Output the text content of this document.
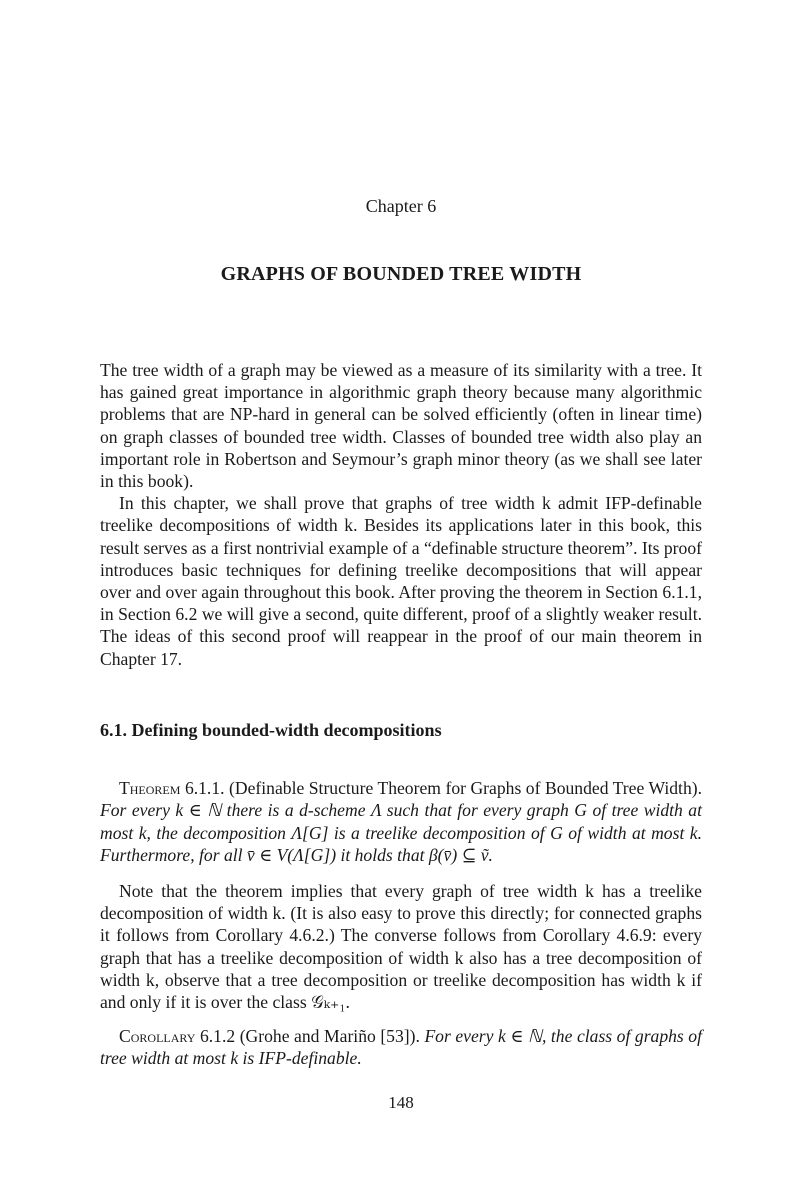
Chapter 6
GRAPHS OF BOUNDED TREE WIDTH

The tree width of a graph may be viewed as a measure of its similarity with a tree. It has gained great importance in algorithmic graph theory because many algorithmic problems that are NP-hard in general can be solved efficiently (often in linear time) on graph classes of bounded tree width. Classes of bounded tree width also play an important role in Robertson and Seymour’s graph minor theory (as we shall see later in this book).

In this chapter, we shall prove that graphs of tree width k admit IFP-definable treelike decompositions of width k. Besides its applications later in this book, this result serves as a first nontrivial example of a “definable structure theorem”. Its proof introduces basic techniques for defining treelike decompositions that will appear over and over again throughout this book. After proving the theorem in Section 6.1.1, in Section 6.2 we will give a second, quite different, proof of a slightly weaker result. The ideas of this second proof will reappear in the proof of our main theorem in Chapter 17.

6.1. Defining bounded-width decompositions
Theorem 6.1.1. (Definable Structure Theorem for Graphs of Bounded Tree Width). For every k ∈ ℕ there is a d-scheme Λ such that for every graph G of tree width at most k, the decomposition Λ[G] is a treelike decomposition of G of width at most k. Furthermore, for all v̄ ∈ V(Λ[G]) it holds that β(v̄) ⊆ ṽ.
Note that the theorem implies that every graph of tree width k has a treelike decomposition of width k. (It is also easy to prove this directly; for connected graphs it follows from Corollary 4.6.2.) The converse follows from Corollary 4.6.9: every graph that has a treelike decomposition of width k also has a tree decomposition of width k, observe that a tree decomposition or treelike decomposition has width k if and only if it is over the class 𝒢ₖ₊₁.
Corollary 6.1.2 (Grohe and Mariño [53]). For every k ∈ ℕ, the class of graphs of tree width at most k is IFP-definable.
148
